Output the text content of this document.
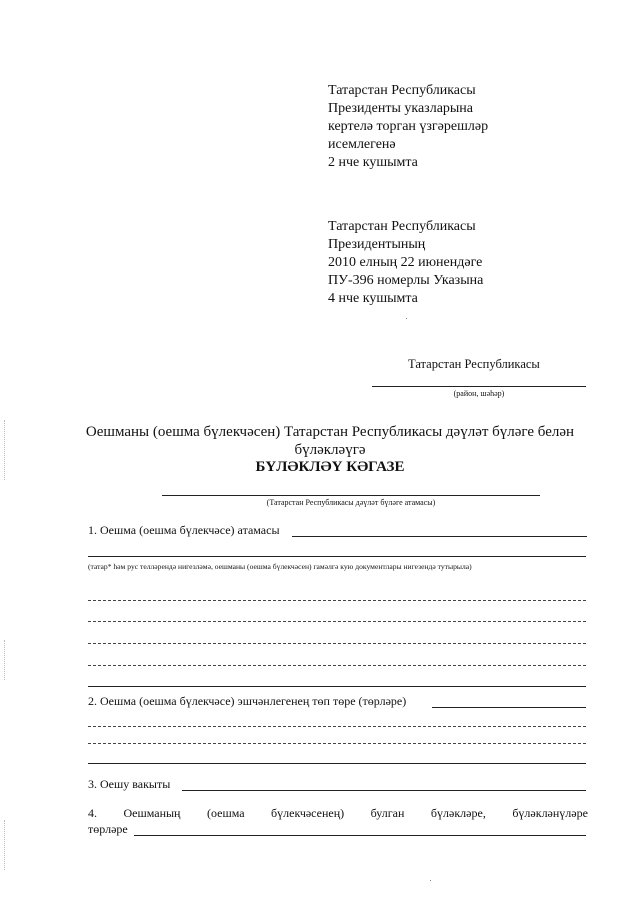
Татарстан Республикасы
Президенты указларына
кертелә торган үзгәрешләр
исемлегенә
2 нче кушымта
Татарстан Республикасы
Президентының
2010 елның 22 июнендәге
ПУ-396 номерлы Указына
4 нче кушымта
Татарстан Республикасы
(район, шәһәр)
Оешманы (оешма бүлекчәсен) Татарстан Республикасы дәүләт бүләге белән
бүләкләүгә
БҮЛӘКЛӘҮ КӘГАЗЕ
(Татарстан Республикасы дәүләт бүләге атамасы)
1. Оешма (оешма бүлекчәсе) атамасы
(татар* һәм рус телләрендә нигезләмә, оешманы (оешма бүлекчәсен) гамәлгә кую документлары нигезендә тутырыла)
2. Оешма (оешма бүлекчәсе) эшчәнлегенең төп төре (төрләре)
3. Оешу вакыты
4. Оешманың (оешма бүлекчәсенең) булган бүләкләре, бүләкләнүләре
төрләре
